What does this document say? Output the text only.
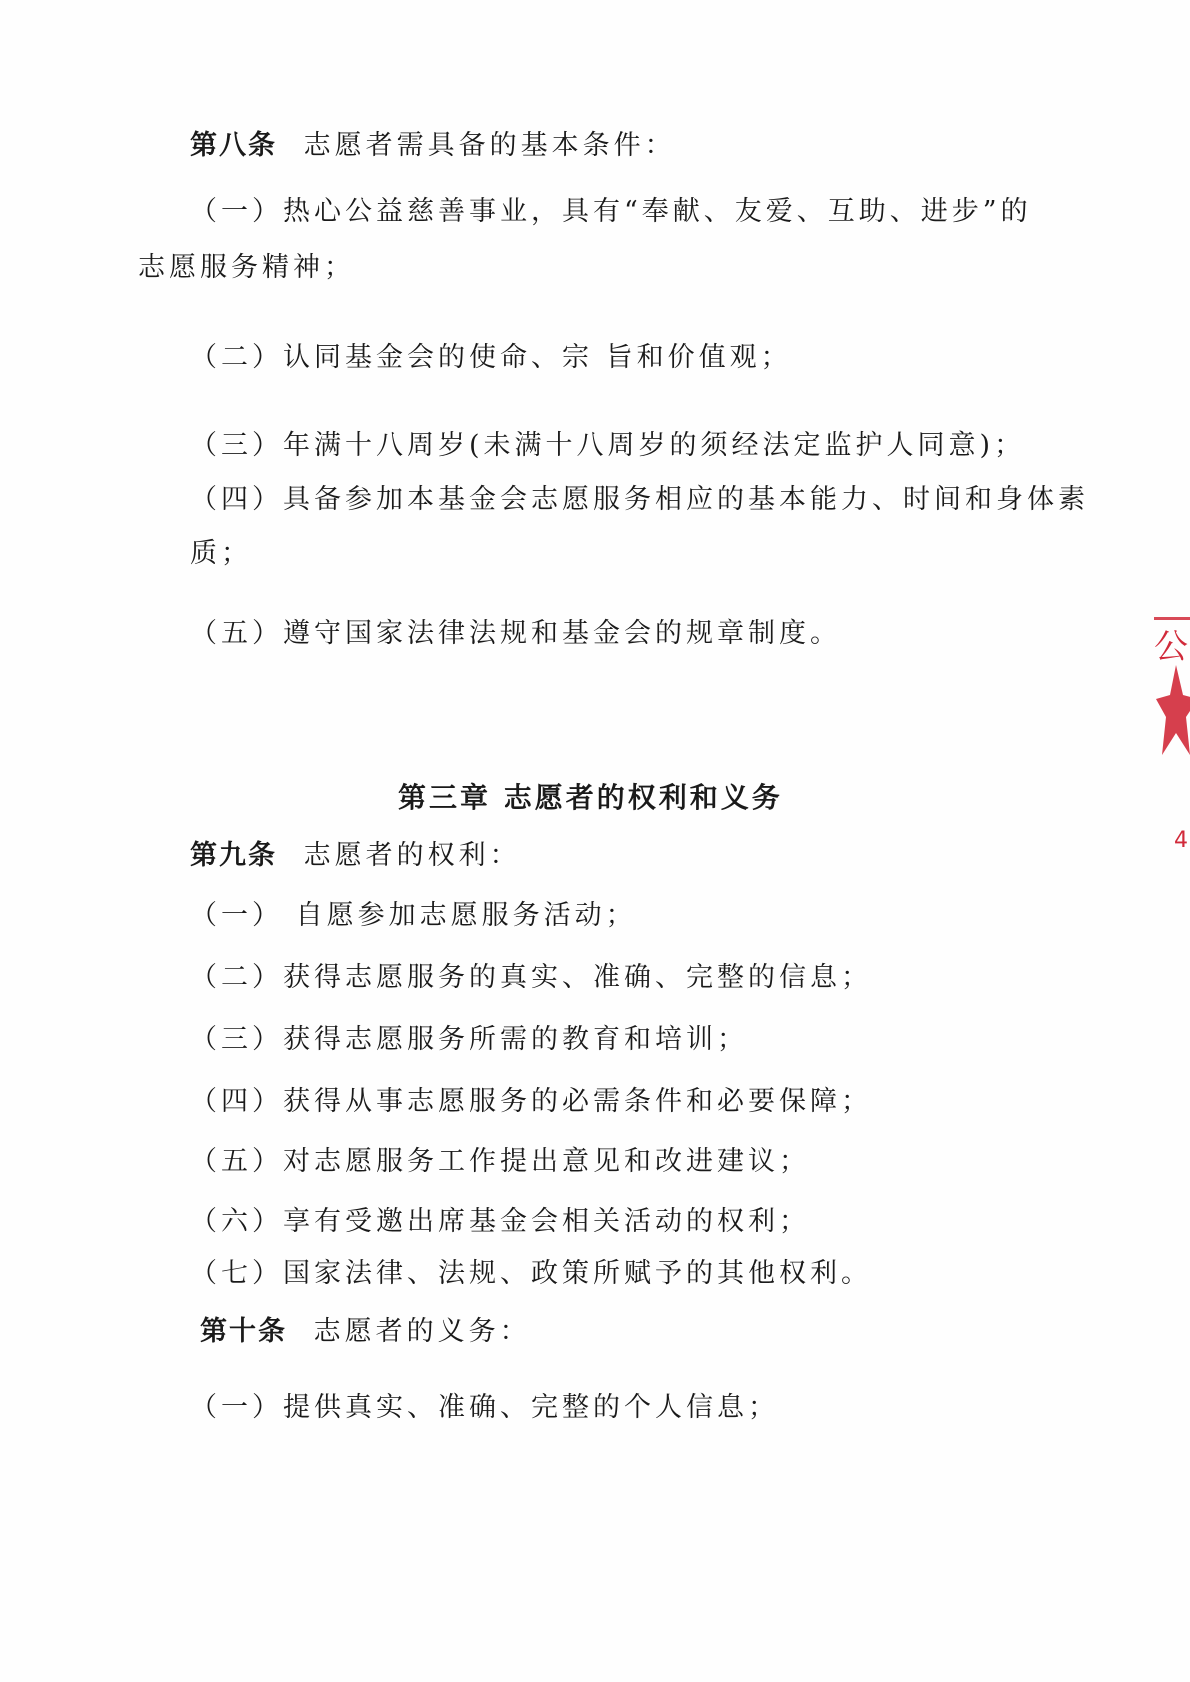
第八条 志愿者需具备的基本条件：
（一）热心公益慈善事业，具有“奉献、友爱、互助、进步”的
志愿服务精神；
（二）认同基金会的使命、宗 旨和价值观；
（三）年满十八周岁(未满十八周岁的须经法定监护人同意)；
（四）具备参加本基金会志愿服务相应的基本能力、时间和身体素
质；
（五）遵守国家法律法规和基金会的规章制度。
第三章 志愿者的权利和义务
第九条 志愿者的权利：
（一） 自愿参加志愿服务活动；
（二）获得志愿服务的真实、准确、完整的信息；
（三）获得志愿服务所需的教育和培训；
（四）获得从事志愿服务的必需条件和必要保障；
（五）对志愿服务工作提出意见和改进建议；
（六）享有受邀出席基金会相关活动的权利；
（七）国家法律、法规、政策所赋予的其他权利。
第十条 志愿者的义务：
（一）提供真实、准确、完整的个人信息；
公
4
